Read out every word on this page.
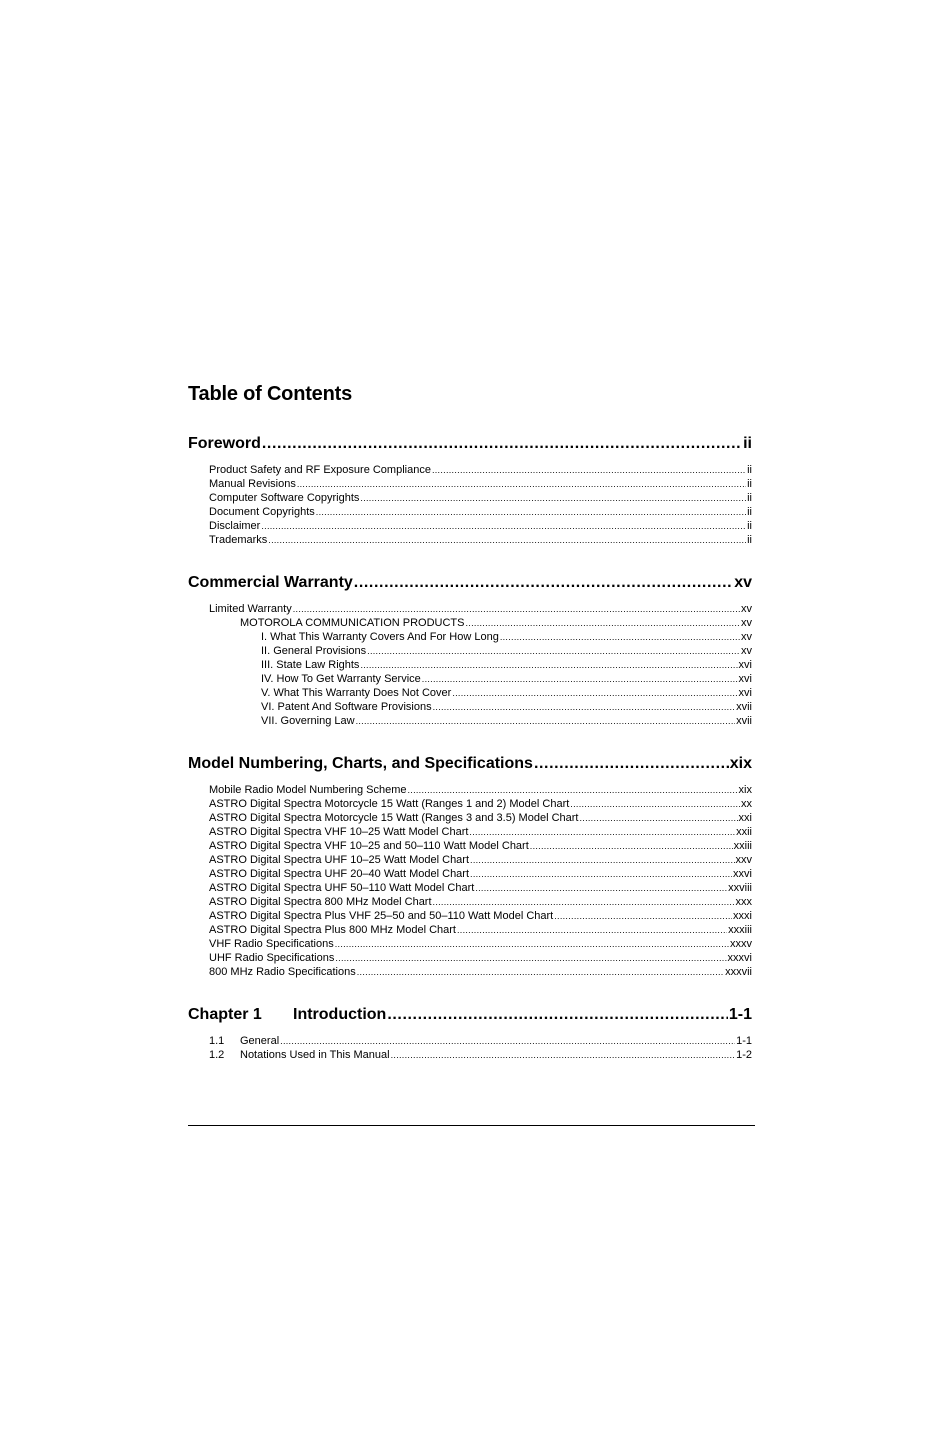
Table of Contents
Foreword .....	ii
Product Safety and RF Exposure Compliance .....	ii
Manual Revisions .....	ii
Computer Software Copyrights .....	ii
Document Copyrights .....	ii
Disclaimer .....	ii
Trademarks .....	ii
Commercial Warranty .....	xv
Limited Warranty .....	xv
MOTOROLA COMMUNICATION PRODUCTS .....	xv
I. What This Warranty Covers And For How Long .....	xv
II. General Provisions .....	xv
III. State Law Rights .....	xvi
IV. How To Get Warranty Service .....	xvi
V. What This Warranty Does Not Cover .....	xvi
VI. Patent And Software Provisions .....	xvii
VII. Governing Law .....	xvii
Model Numbering, Charts, and Specifications .....	xix
Mobile Radio Model Numbering Scheme .....	xix
ASTRO Digital Spectra Motorcycle 15 Watt (Ranges 1 and 2) Model Chart .....	xx
ASTRO Digital Spectra Motorcycle 15 Watt (Ranges 3 and 3.5) Model Chart .....	xxi
ASTRO Digital Spectra VHF 10–25 Watt Model Chart .....	xxii
ASTRO Digital Spectra VHF 10–25 and 50–110 Watt Model Chart .....	xxiii
ASTRO Digital Spectra UHF 10–25 Watt Model Chart .....	xxv
ASTRO Digital Spectra UHF 20–40 Watt Model Chart .....	xxvi
ASTRO Digital Spectra UHF 50–110 Watt Model Chart .....	xxviii
ASTRO Digital Spectra 800 MHz Model Chart .....	xxx
ASTRO Digital Spectra Plus VHF 25–50 and 50–110 Watt Model Chart .....	xxxi
ASTRO Digital Spectra Plus 800 MHz Model Chart .....	xxxiii
VHF Radio Specifications .....	xxxv
UHF Radio Specifications .....	xxxvi
800 MHz Radio Specifications .....	xxxvii
Chapter 1	Introduction .....	1-1
1.1	General .....	1-1
1.2	Notations Used in This Manual .....	1-2
